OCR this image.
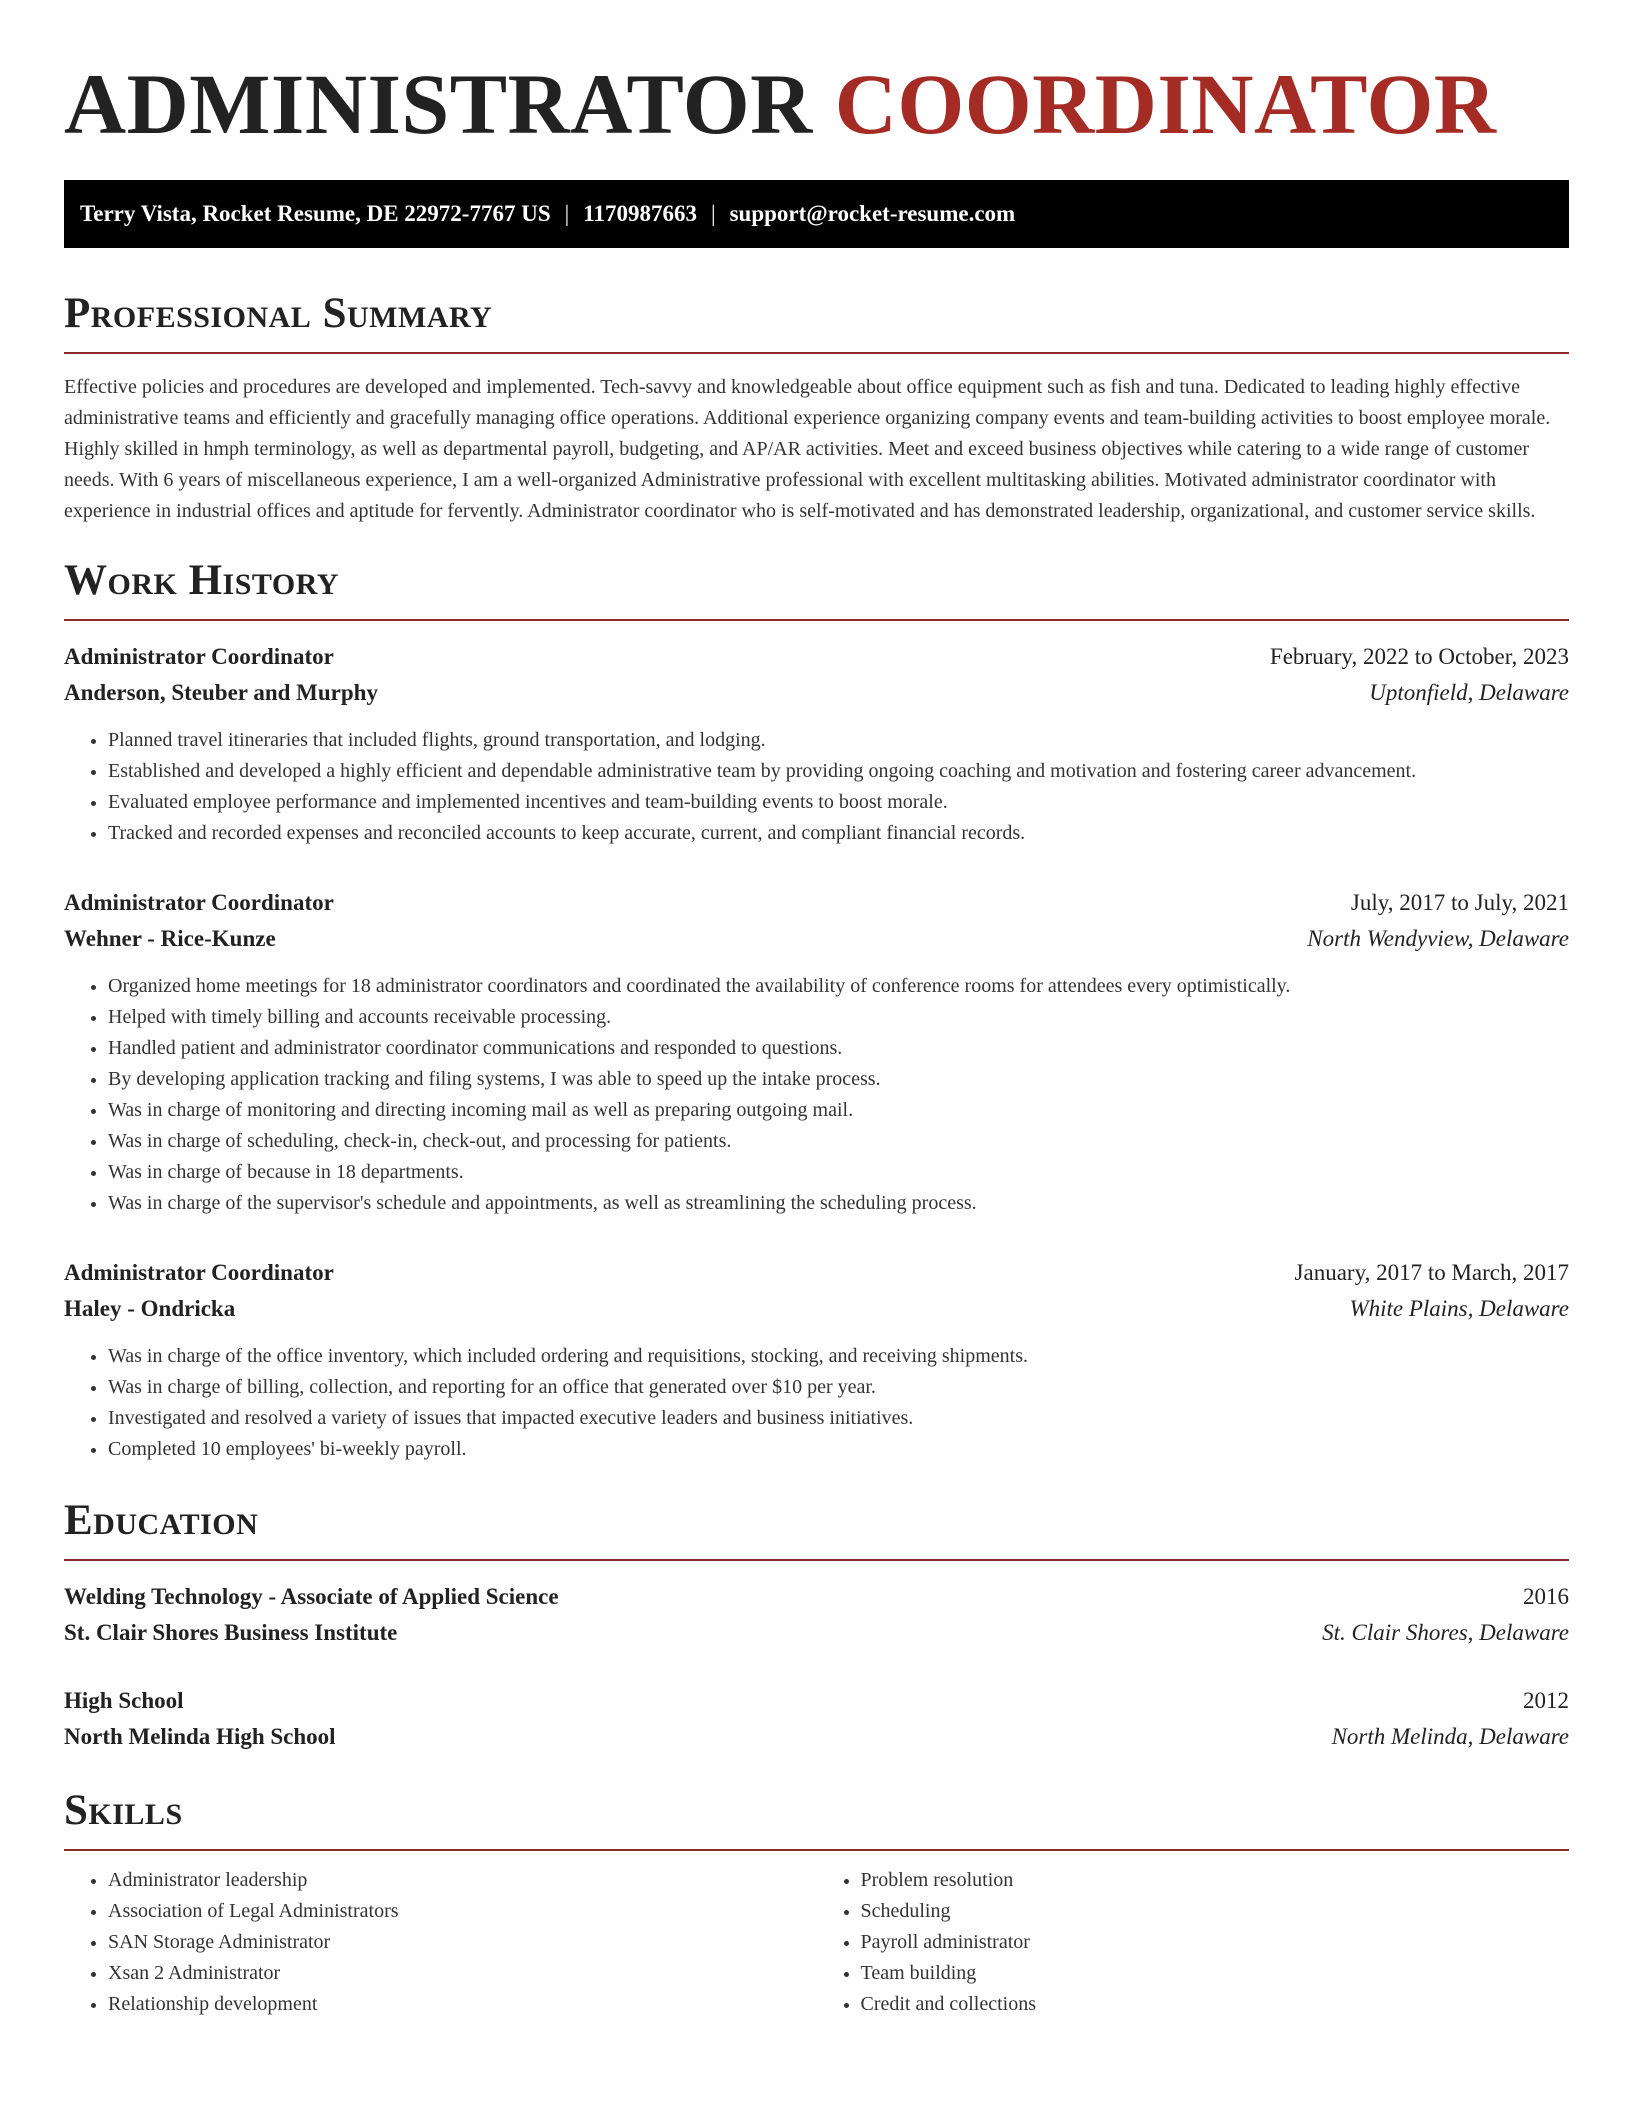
ADMINISTRATOR COORDINATOR
Terry Vista, Rocket Resume, DE 22972-7767 US | 1170987663 | support@rocket-resume.com
Professional Summary

Effective policies and procedures are developed and implemented. Tech-savvy and knowledgeable about office equipment such as fish and tuna. Dedicated to leading highly effective administrative teams and efficiently and gracefully managing office operations. Additional experience organizing company events and team-building activities to boost employee morale. Highly skilled in hmph terminology, as well as departmental payroll, budgeting, and AP/AR activities. Meet and exceed business objectives while catering to a wide range of customer needs. With 6 years of miscellaneous experience, I am a well-organized Administrative professional with excellent multitasking abilities. Motivated administrator coordinator with experience in industrial offices and aptitude for fervently. Administrator coordinator who is self-motivated and has demonstrated leadership, organizational, and customer service skills.

Work History
Administrator Coordinator	February, 2022 to October, 2023
Anderson, Steuber and Murphy	Uptonfield, Delaware
• Planned travel itineraries that included flights, ground transportation, and lodging.
• Established and developed a highly efficient and dependable administrative team by providing ongoing coaching and motivation and fostering career advancement.
• Evaluated employee performance and implemented incentives and team-building events to boost morale.
• Tracked and recorded expenses and reconciled accounts to keep accurate, current, and compliant financial records.
Administrator Coordinator	July, 2017 to July, 2021
Wehner - Rice-Kunze	North Wendyview, Delaware
• Organized home meetings for 18 administrator coordinators and coordinated the availability of conference rooms for attendees every optimistically.
• Helped with timely billing and accounts receivable processing.
• Handled patient and administrator coordinator communications and responded to questions.
• By developing application tracking and filing systems, I was able to speed up the intake process.
• Was in charge of monitoring and directing incoming mail as well as preparing outgoing mail.
• Was in charge of scheduling, check-in, check-out, and processing for patients.
• Was in charge of because in 18 departments.
• Was in charge of the supervisor's schedule and appointments, as well as streamlining the scheduling process.
Administrator Coordinator	January, 2017 to March, 2017
Haley - Ondricka	White Plains, Delaware
• Was in charge of the office inventory, which included ordering and requisitions, stocking, and receiving shipments.
• Was in charge of billing, collection, and reporting for an office that generated over $10 per year.
• Investigated and resolved a variety of issues that impacted executive leaders and business initiatives.
• Completed 10 employees' bi-weekly payroll.
Education
Welding Technology - Associate of Applied Science	2016
St. Clair Shores Business Institute	St. Clair Shores, Delaware
High School	2012
North Melinda High School	North Melinda, Delaware
Skills
• Administrator leadership
• Association of Legal Administrators
• SAN Storage Administrator
• Xsan 2 Administrator
• Relationship development
• Problem resolution
• Scheduling
• Payroll administrator
• Team building
• Credit and collections
